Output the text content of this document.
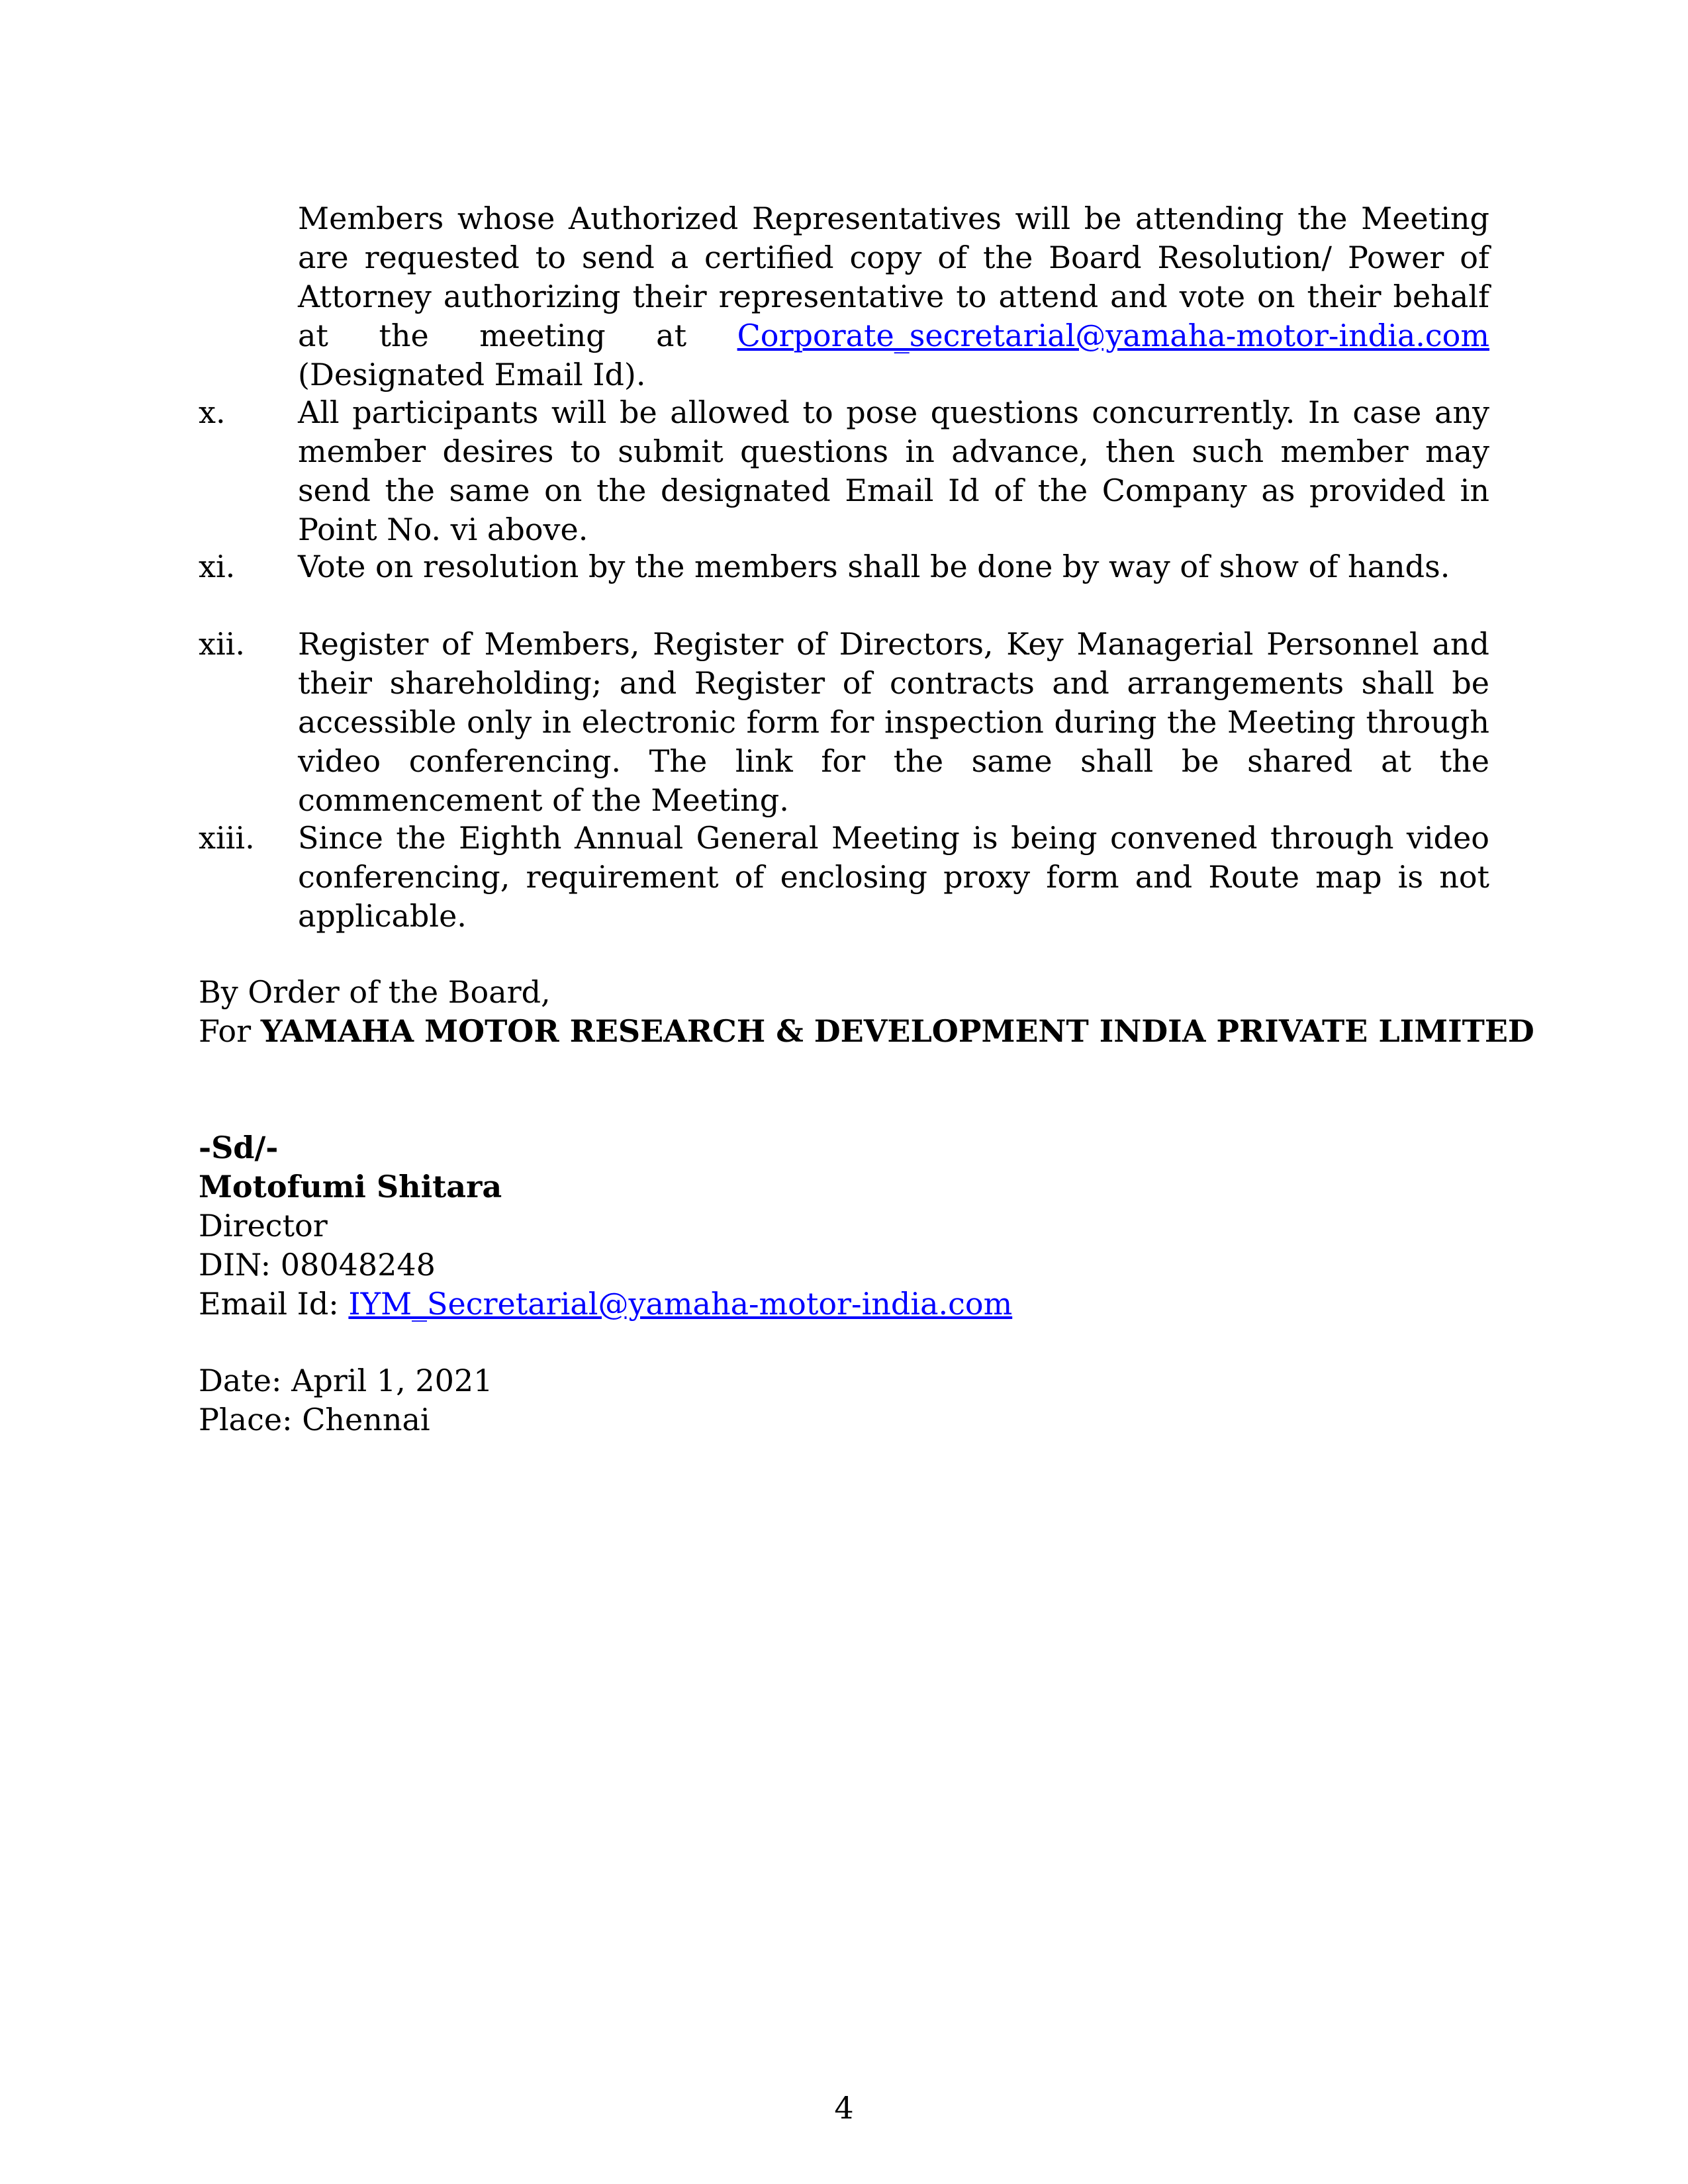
Members whose Authorized Representatives will be attending the Meeting are requested to send a certified copy of the Board Resolution/ Power of Attorney authorizing their representative to attend and vote on their behalf at the meeting at Corporate_secretarial@yamaha-motor-india.com (Designated Email Id).
x. All participants will be allowed to pose questions concurrently. In case any member desires to submit questions in advance, then such member may send the same on the designated Email Id of the Company as provided in Point No. vi above.
xi. Vote on resolution by the members shall be done by way of show of hands.
xii. Register of Members, Register of Directors, Key Managerial Personnel and their shareholding; and Register of contracts and arrangements shall be accessible only in electronic form for inspection during the Meeting through video conferencing. The link for the same shall be shared at the commencement of the Meeting.
xiii. Since the Eighth Annual General Meeting is being convened through video conferencing, requirement of enclosing proxy form and Route map is not applicable.
By Order of the Board,
For YAMAHA MOTOR RESEARCH & DEVELOPMENT INDIA PRIVATE LIMITED
-Sd/-
Motofumi Shitara
Director
DIN: 08048248
Email Id: IYM_Secretarial@yamaha-motor-india.com
Date: April 1, 2021
Place: Chennai
4
